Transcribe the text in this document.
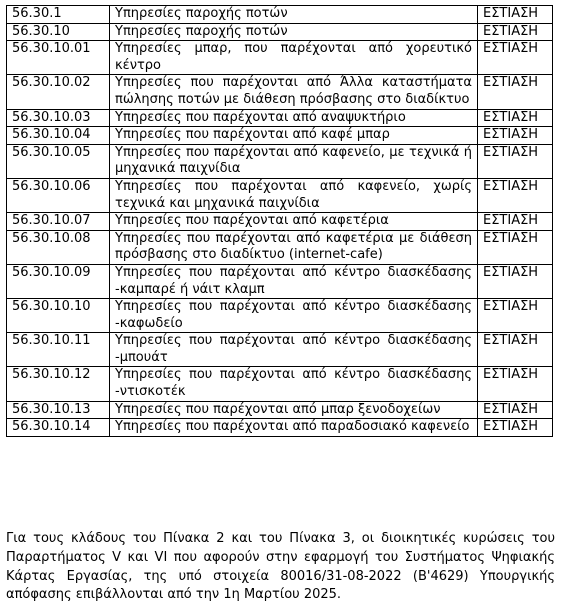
56.30.1	Υπηρεσίες παροχής ποτών	ΕΣΤΙΑΣΗ
56.30.10	Υπηρεσίες παροχής ποτών	ΕΣΤΙΑΣΗ
56.30.10.01	Υπηρεσίες μπαρ, που παρέχονται από χορευτικό κέντρο	ΕΣΤΙΑΣΗ
56.30.10.02	Υπηρεσίες που παρέχονται από Άλλα καταστήματα πώλησης ποτών με διάθεση πρόσβασης στο διαδίκτυο	ΕΣΤΙΑΣΗ
56.30.10.03	Υπηρεσίες που παρέχονται από αναψυκτήριο	ΕΣΤΙΑΣΗ
56.30.10.04	Υπηρεσίες που παρέχονται από καφέ μπαρ	ΕΣΤΙΑΣΗ
56.30.10.05	Υπηρεσίες που παρέχονται από καφενείο, με τεχνικά ή μηχανικά παιχνίδια	ΕΣΤΙΑΣΗ
56.30.10.06	Υπηρεσίες που παρέχονται από καφενείο, χωρίς τεχνικά και μηχανικά παιχνίδια	ΕΣΤΙΑΣΗ
56.30.10.07	Υπηρεσίες που παρέχονται από καφετέρια	ΕΣΤΙΑΣΗ
56.30.10.08	Υπηρεσίες που παρέχονται από καφετέρια με διάθεση πρόσβασης στο διαδίκτυο (internet-cafe)	ΕΣΤΙΑΣΗ
56.30.10.09	Υπηρεσίες που παρέχονται από κέντρο διασκέδασης -καμπαρέ ή νάιτ κλαμπ	ΕΣΤΙΑΣΗ
56.30.10.10	Υπηρεσίες που παρέχονται από κέντρο διασκέδασης -καφωδείο	ΕΣΤΙΑΣΗ
56.30.10.11	Υπηρεσίες που παρέχονται από κέντρο διασκέδασης -μπουάτ	ΕΣΤΙΑΣΗ
56.30.10.12	Υπηρεσίες που παρέχονται από κέντρο διασκέδασης -ντισκοτέκ	ΕΣΤΙΑΣΗ
56.30.10.13	Υπηρεσίες που παρέχονται από μπαρ ξενοδοχείων	ΕΣΤΙΑΣΗ
56.30.10.14	Υπηρεσίες που παρέχονται από παραδοσιακό καφενείο	ΕΣΤΙΑΣΗ

Για τους κλάδους του Πίνακα 2 και του Πίνακα 3, οι διοικητικές κυρώσεις του Παραρτήματος V και VI που αφορούν στην εφαρμογή του Συστήματος Ψηφιακής Κάρτας Εργασίας, της υπό στοιχεία 80016/31-08-2022 (Β'4629) Υπουργικής απόφασης επιβάλλονται από την 1η Μαρτίου 2025.
